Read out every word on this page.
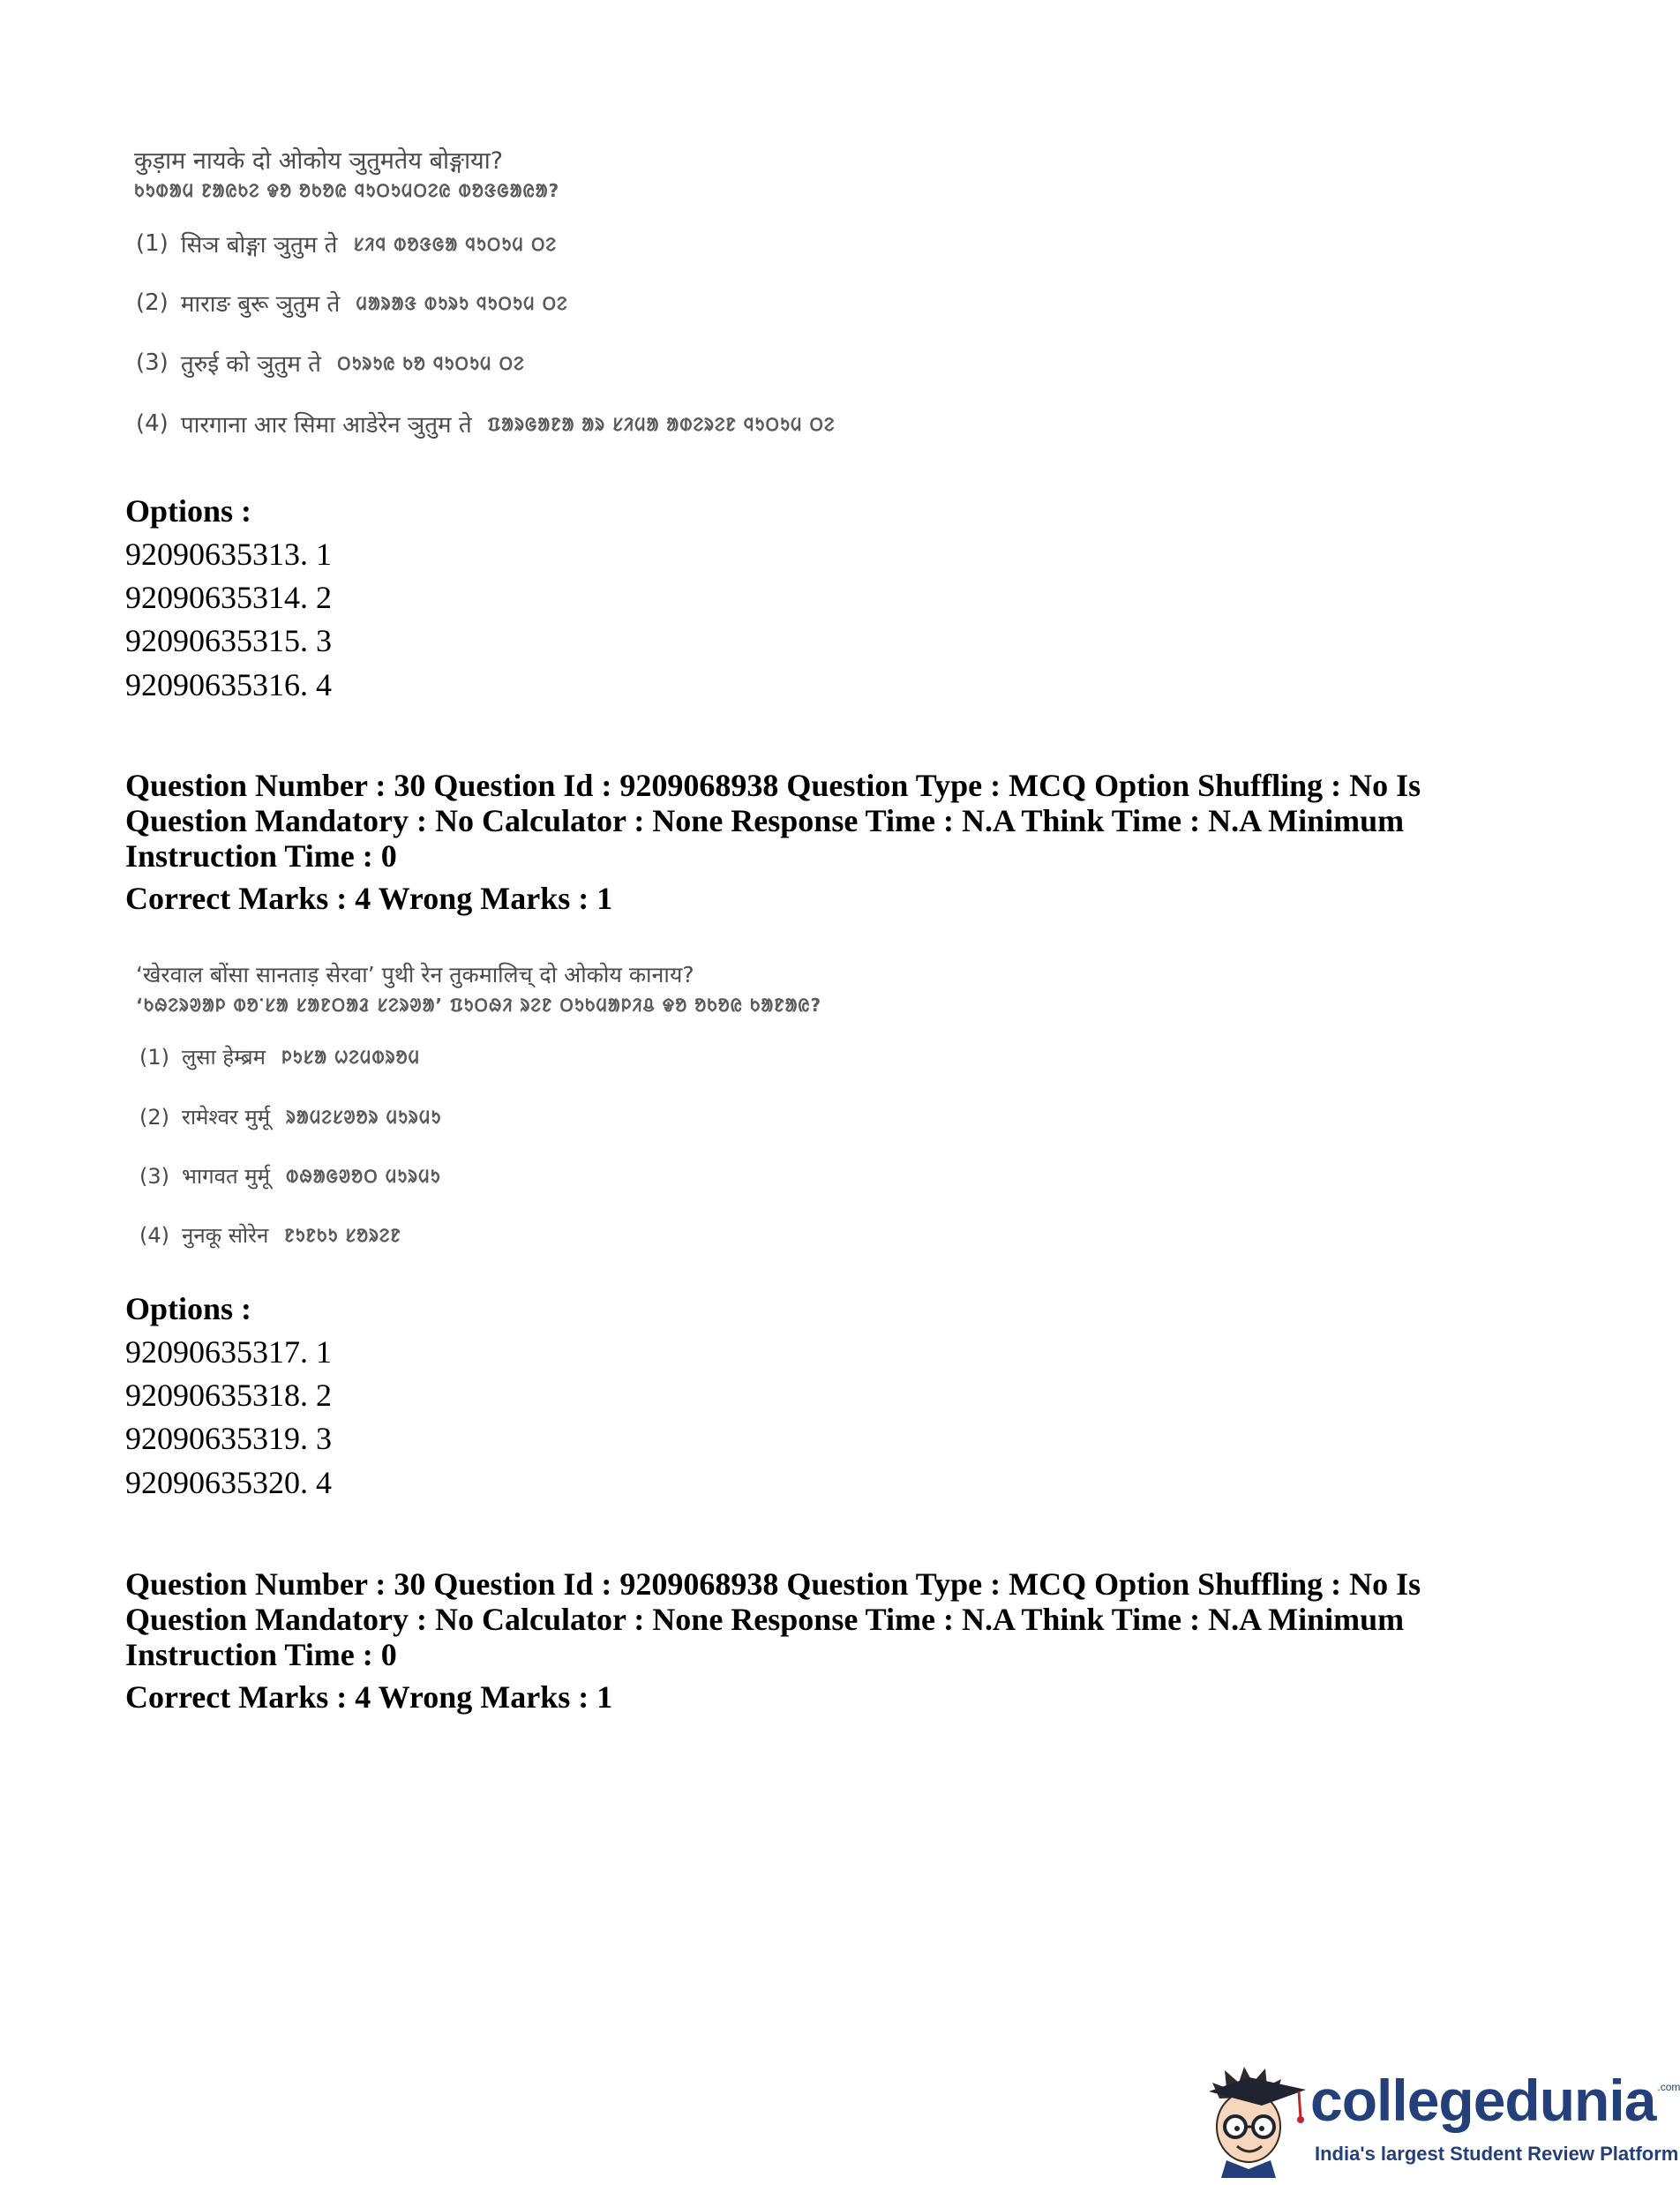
कुड़ाम नायके दो ओकोय ञुतुमतेय बोङ्गाया?
ᱠᱩᱰᱟᱢ ᱱᱟᱭᱠᱮ ᱫᱚ ᱚᱠᱚᱭ ᱧᱩᱛᱩᱢᱛᱮᱭ ᱵᱚᱝᱜᱟᱭᱟ?
(1) सिञ बोङ्गा ञुतुम ते ᱥᱤᱧ ᱵᱚᱝᱜᱟ ᱧᱩᱛᱩᱢ ᱛᱮ
(2) माराङ बुरू ञुतुम ते ᱢᱟᱨᱟᱝ ᱵᱩᱨᱩ ᱧᱩᱛᱩᱢ ᱛᱮ
(3) तुरुई को ञुतुम ते ᱛᱩᱨᱩᱭ ᱠᱚ ᱧᱩᱛᱩᱢ ᱛᱮ
(4) पारगाना आर सिमा आडेरेन ञुतुम ते ᱯᱟᱨᱜᱟᱱᱟ ᱟᱨ ᱥᱤᱢᱟ ᱟᱰᱮᱨᱮᱱ ᱧᱩᱛᱩᱢ ᱛᱮ
Options :
92090635313. 1
92090635314. 2
92090635315. 3
92090635316. 4
Question Number : 30 Question Id : 9209068938 Question Type : MCQ Option Shuffling : No Is
Question Mandatory : No Calculator : None Response Time : N.A Think Time : N.A Minimum
Instruction Time : 0
Correct Marks : 4 Wrong Marks : 1
‘खेरवाल बोंसा सानताड़ सेरवा’ पुथी रेन तुकमालिच् दो ओकोय कानाय?
‘ᱠᱷᱮᱨᱣᱟᱞ ᱵᱚᱸᱥᱟ ᱥᱟᱱᱛᱟᱲ ᱥᱮᱨᱣᱟ’ ᱯᱩᱛᱷᱤ ᱨᱮᱱ ᱛᱩᱠᱢᱟᱞᱤᱪ ᱫᱚ ᱚᱠᱚᱭ ᱠᱟᱱᱟᱭ?
(1) लुसा हेम्ब्रम ᱞᱩᱥᱟ ᱦᱮᱢᱵᱨᱚᱢ
(2) रामेश्वर मुर्मू ᱨᱟᱢᱮᱥᱣᱚᱨ ᱢᱩᱨᱢᱩ
(3) भागवत मुर्मू ᱵᱷᱟᱜᱣᱚᱛ ᱢᱩᱨᱢᱩ
(4) नुनकू सोरेन ᱱᱩᱱᱠᱩ ᱥᱚᱨᱮᱱ
Options :
92090635317. 1
92090635318. 2
92090635319. 3
92090635320. 4
Question Number : 30 Question Id : 9209068938 Question Type : MCQ Option Shuffling : No Is
Question Mandatory : No Calculator : None Response Time : N.A Think Time : N.A Minimum
Instruction Time : 0
Correct Marks : 4 Wrong Marks : 1
collegedunia $^{.com}$
India's largest Student Review Platform
